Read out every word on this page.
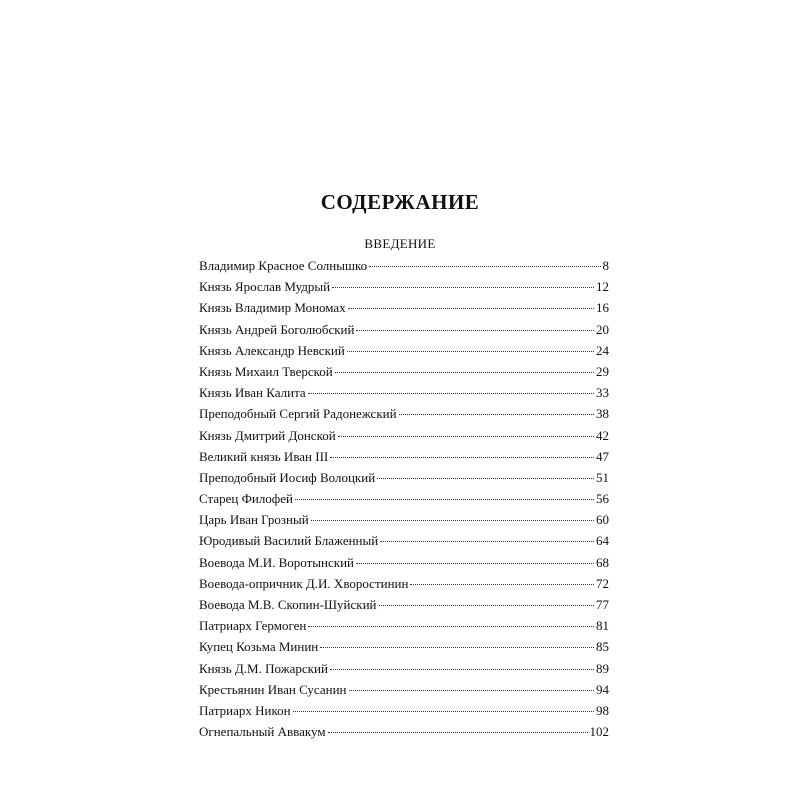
СОДЕРЖАНИЕ
ВВЕДЕНИЕ
Владимир Красное Солнышко	8
Князь Ярослав Мудрый	12
Князь Владимир Мономах	16
Князь Андрей Боголюбский	20
Князь Александр Невский	24
Князь Михаил Тверской	29
Князь Иван Калита	33
Преподобный Сергий Радонежский	38
Князь Дмитрий Донской	42
Великий князь Иван III	47
Преподобный Иосиф Волоцкий	51
Старец Филофей	56
Царь Иван Грозный	60
Юродивый Василий Блаженный	64
Воевода М.И. Воротынский	68
Воевода-опричник Д.И. Хворостинин	72
Воевода М.В. Скопин-Шуйский	77
Патриарх Гермоген	81
Купец Козьма Минин	85
Князь Д.М. Пожарский	89
Крестьянин Иван Сусанин	94
Патриарх Никон	98
Огнепальный Аввакум	102
